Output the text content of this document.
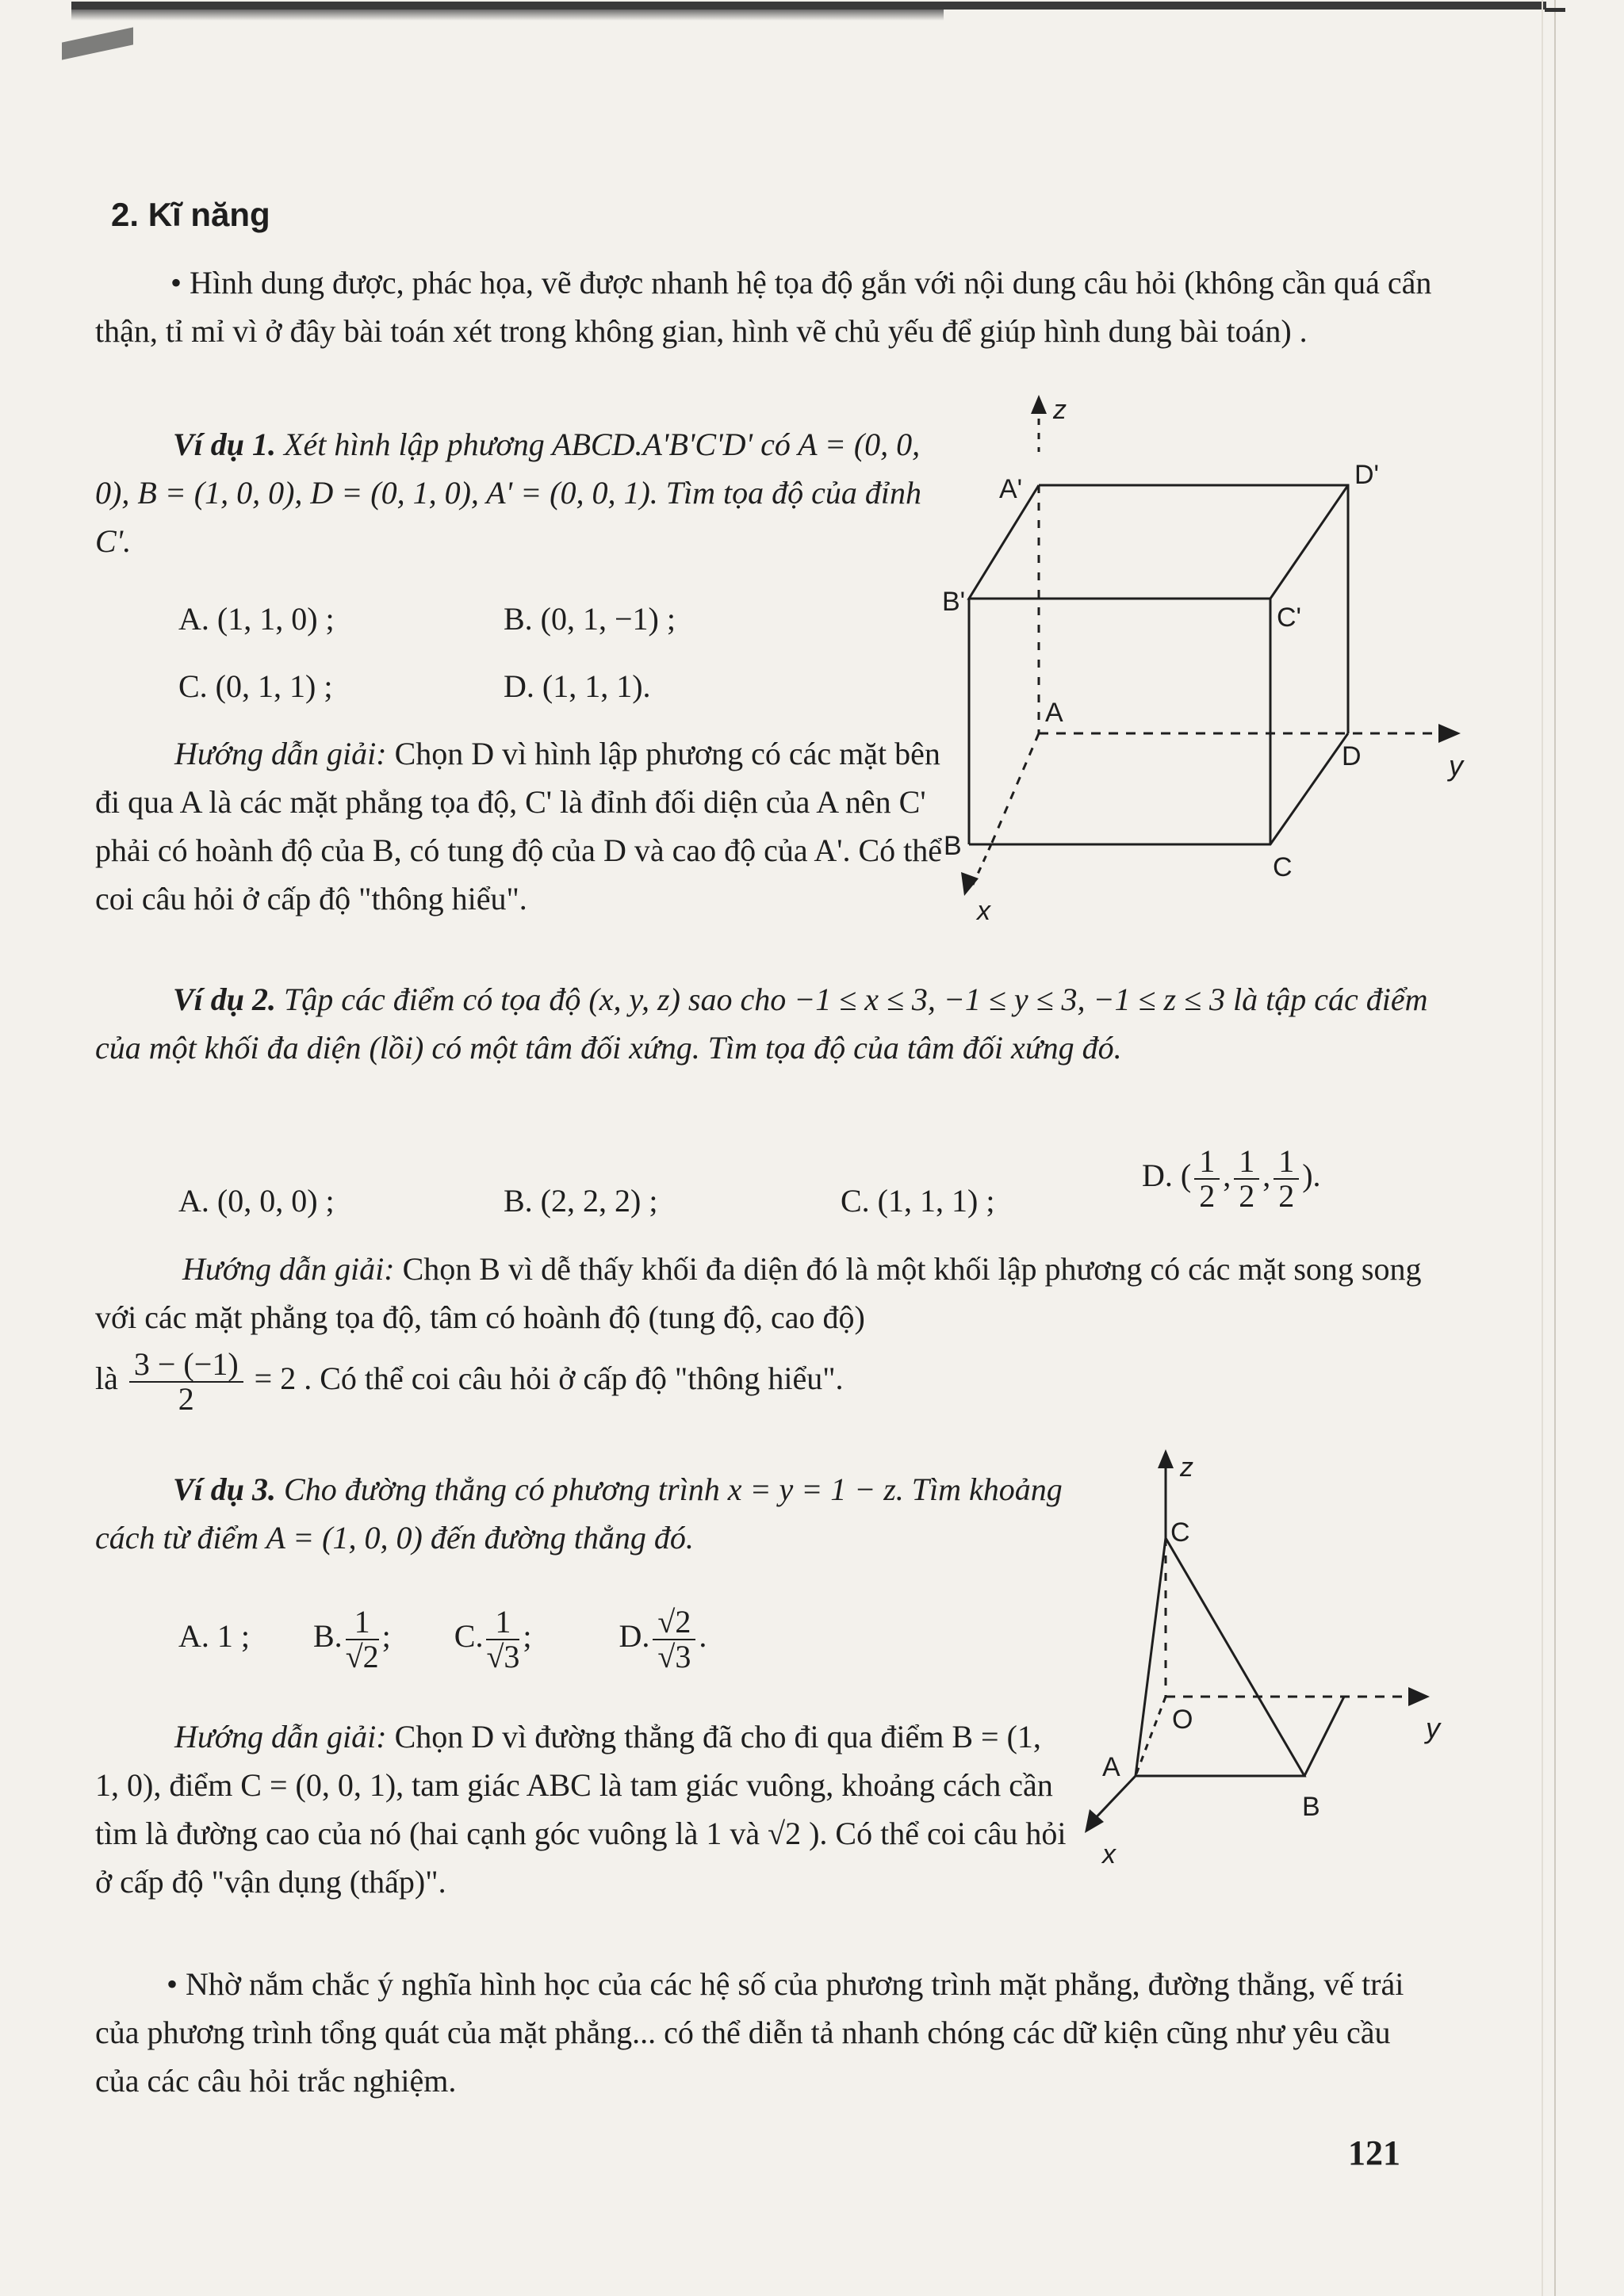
2. Kĩ năng
• Hình dung được, phác họa, vẽ được nhanh hệ tọa độ gắn với nội dung câu hỏi (không cần quá cẩn thận, tỉ mỉ vì ở đây bài toán xét trong không gian, hình vẽ chủ yếu để giúp hình dung bài toán) .
Ví dụ 1. Xét hình lập phương ABCD.A'B'C'D' có A = (0, 0, 0), B = (1, 0, 0), D = (0, 1, 0), A' = (0, 0, 1). Tìm tọa độ của đỉnh C'.
A. (1, 1, 0) ;	B. (0, 1, −1) ;
C. (0, 1, 1) ;	D. (1, 1, 1).
Hướng dẫn giải: Chọn D vì hình lập phương có các mặt bên đi qua A là các mặt phẳng tọa độ, C' là đỉnh đối diện của A nên C' phải có hoành độ của B, có tung độ của D và cao độ của A'. Có thể coi câu hỏi ở cấp độ "thông hiểu".
z
y
x
A'	D'
B'
C'
A
D
B
C
Ví dụ 2. Tập các điểm có tọa độ (x, y, z) sao cho −1 ≤ x ≤ 3, −1 ≤ y ≤ 3, −1 ≤ z ≤ 3 là tập các điểm của một khối đa diện (lồi) có một tâm đối xứng. Tìm tọa độ của tâm đối xứng đó.
A. (0, 0, 0) ;	B. (2, 2, 2) ;	C. (1, 1, 1) ;
D. ( $\frac{1}{2}$ , $\frac{1}{2}$ , $\frac{1}{2}$ ).
Hướng dẫn giải: Chọn B vì dễ thấy khối đa diện đó là một khối lập phương có các mặt song song với các mặt phẳng tọa độ, tâm có hoành độ (tung độ, cao độ)
là $\frac{3 - (-1)}{2} = 2$ . Có thể coi câu hỏi ở cấp độ "thông hiểu".
Ví dụ 3. Cho đường thẳng có phương trình x = y = 1 − z. Tìm khoảng cách từ điểm A = (1, 0, 0) đến đường thẳng đó.
A. 1 ; B. $\frac{1}{√2}$ ; C. $\frac{1}{√3}$ ;	D. $\frac{√2}{√3}$ .
Hướng dẫn giải: Chọn D vì đường thẳng đã cho đi qua điểm B = (1, 1, 0), điểm C = (0, 0, 1), tam giác ABC là tam giác vuông, khoảng cách cần tìm là đường cao của nó (hai cạnh góc vuông là 1 và √2 ). Có thể coi câu hỏi ở cấp độ "vận dụng (thấp)".
z
y
x
C
O
A
B
• Nhờ nắm chắc ý nghĩa hình học của các hệ số của phương trình mặt phẳng, đường thẳng, vế trái của phương trình tổng quát của mặt phẳng... có thể diễn tả nhanh chóng các dữ kiện cũng như yêu cầu của các câu hỏi trắc nghiệm.
121
